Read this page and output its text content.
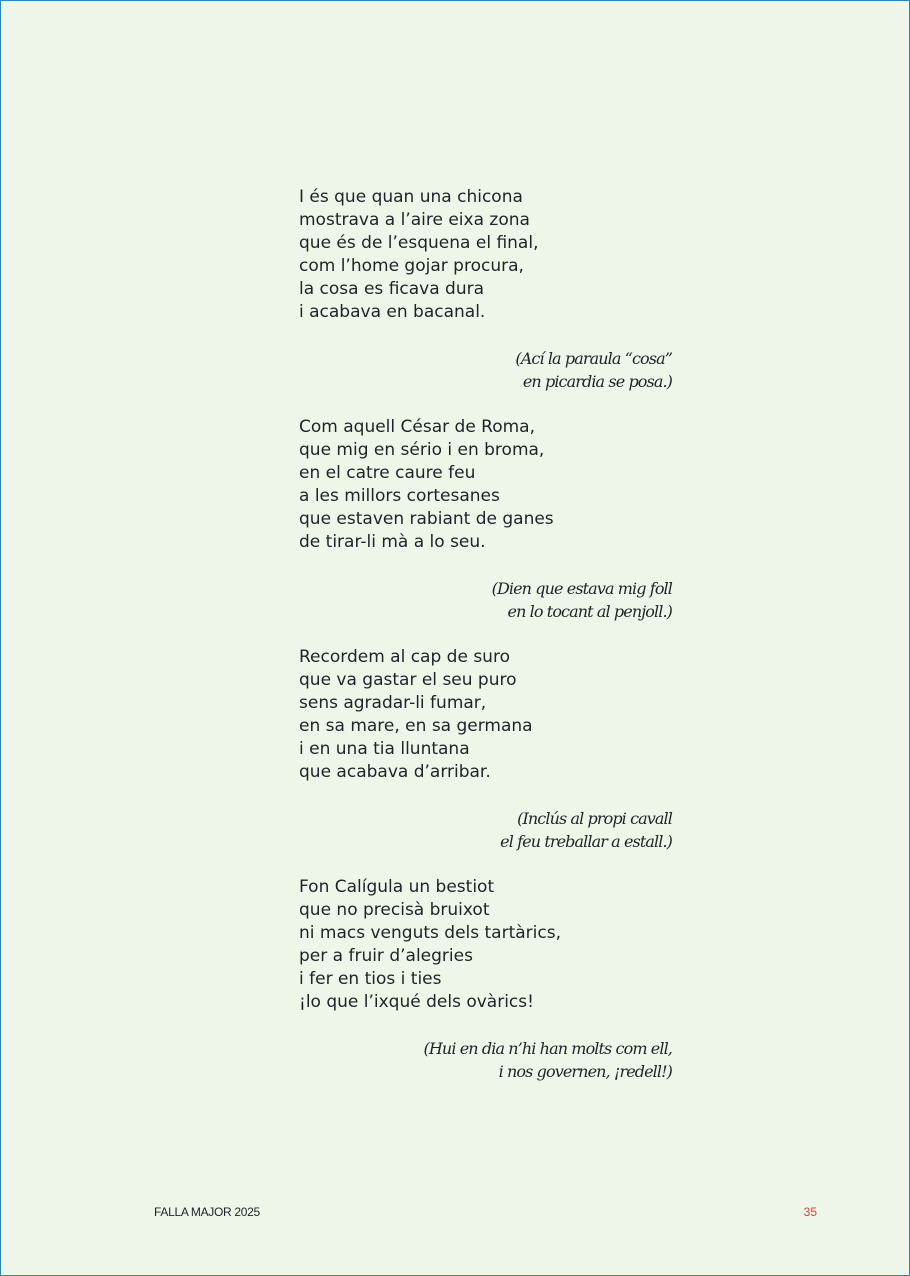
I és que quan una chicona
mostrava a l’aire eixa zona
que és de l’esquena el final,
com l’home gojar procura,
la cosa es ficava dura
i acabava en bacanal.

(Ací la paraula “cosa”
en picardia se posa.)

Com aquell César de Roma,
que mig en sério i en broma,
en el catre caure feu
a les millors cortesanes
que estaven rabiant de ganes
de tirar-li mà a lo seu.

(Dien que estava mig foll
en lo tocant al penjoll.)

Recordem al cap de suro
que va gastar el seu puro
sens agradar-li fumar,
en sa mare, en sa germana
i en una tia lluntana
que acabava d’arribar.

(Inclús al propi cavall
el feu treballar a estall.)

Fon Calígula un bestiot
que no precisà bruixot
ni macs venguts dels tartàrics,
per a fruir d’alegries
i fer en tios i ties
¡lo que l’ixqué dels ovàrics!

(Hui en dia n’hi han molts com ell,
i nos governen, ¡redell!)

FALLA MAJOR 2025	35
